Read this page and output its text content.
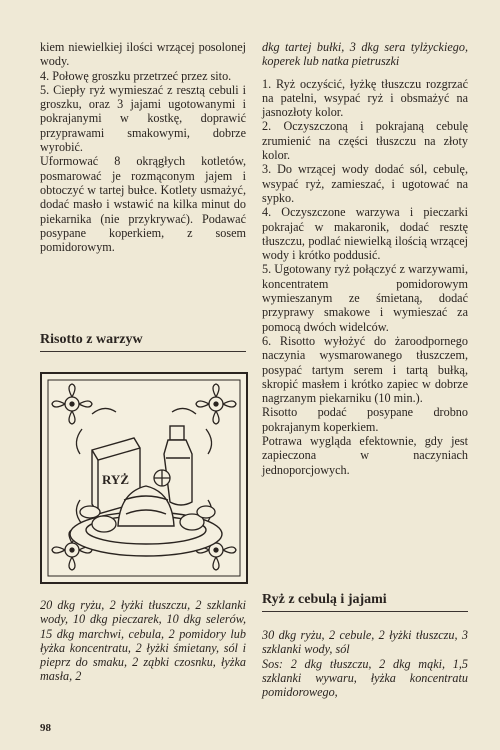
kiem niewielkiej ilości wrzącej posolonej wody.

4. Połowę groszku przetrzeć przez sito.

5. Ciepły ryż wymieszać z resztą cebuli i groszku, oraz 3 jajami ugotowanymi i pokrajanymi w kostkę, doprawić przyprawami smakowymi, dobrze wyrobić.

Uformować 8 okrągłych kotletów, posmarować je rozmąconym jajem i obtoczyć w tartej bułce. Kotlety usmażyć, dodać masło i wstawić na kilka minut do piekarnika (nie przykrywać). Podawać posypane koperkiem, z sosem pomidorowym.

Risotto z warzyw
RYŻ

20 dkg ryżu, 2 łyżki tłuszczu, 2 szklanki wody, 10 dkg pieczarek, 10 dkg selerów, 15 dkg marchwi, cebula, 2 pomidory lub łyżka koncentratu, 2 łyżki śmietany, sól i pieprz do smaku, 2 ząbki czosnku, łyżka masła, 2

98

dkg tartej bułki, 3 dkg sera tylżyckiego, koperek lub natka pietruszki

1. Ryż oczyścić, łyżkę tłuszczu rozgrzać na patelni, wsypać ryż i obsmażyć na jasnozłoty kolor.

2. Oczyszczoną i pokrajaną cebulę zrumienić na części tłuszczu na złoty kolor.

3. Do wrzącej wody dodać sól, cebulę, wsypać ryż, zamieszać, i ugotować na sypko.

4. Oczyszczone warzywa i pieczarki pokrajać w makaronik, dodać resztę tłuszczu, podlać niewielką ilością wrzącej wody i krótko poddusić.

5. Ugotowany ryż połączyć z warzywami, koncentratem pomidorowym wymieszanym ze śmietaną, dodać przyprawy smakowe i wymieszać za pomocą dwóch widelców.

6. Risotto wyłożyć do żaroodpornego naczynia wysmarowanego tłuszczem, posypać tartym serem i tartą bułką, skropić masłem i krótko zapiec w dobrze nagrzanym piekarniku (10 min.).

Risotto podać posypane drobno pokrajanym koperkiem.

Potrawa wygląda efektownie, gdy jest zapieczona w naczyniach jednoporcjowych.

Ryż z cebulą i jajami

30 dkg ryżu, 2 cebule, 2 łyżki tłuszczu, 3 szklanki wody, sól

Sos: 2 dkg tłuszczu, 2 dkg mąki, 1,5 szklanki wywaru, łyżka koncentratu pomidorowego,
